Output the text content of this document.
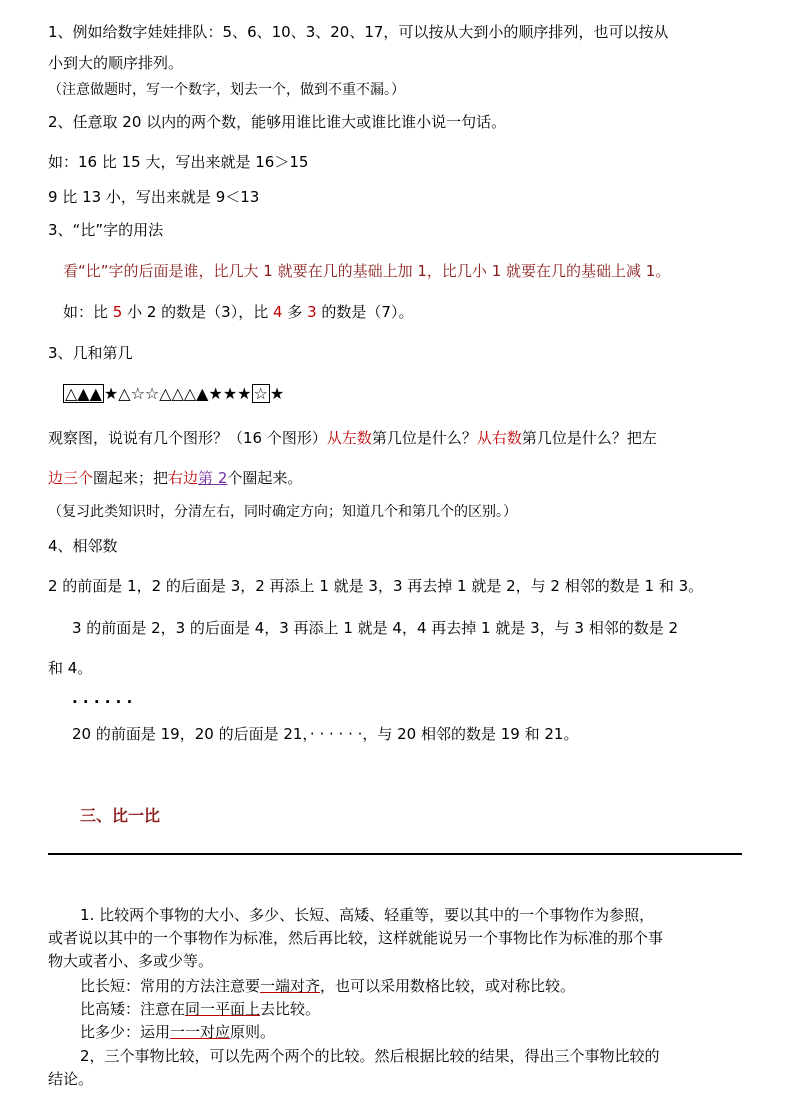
1、例如给数字娃娃排队：5、6、10、3、20、17，可以按从大到小的顺序排列，也可以按从
小到大的顺序排列。
（注意做题时，写一个数字，划去一个，做到不重不漏。）
2、任意取 20 以内的两个数，能够用谁比谁大或谁比谁小说一句话。
如：16 比 15 大，写出来就是 16＞15
9 比 13 小，写出来就是 9＜13
3、“比”字的用法
看“比”字的后面是谁，比几大 1 就要在几的基础上加 1，比几小 1 就要在几的基础上减 1。
如：比 5 小 2 的数是（3），比 4 多 3 的数是（7）。
3、几和第几
△▲▲ ★△☆☆△△△▲★★★ ☆ ★
观察图，说说有几个图形？（16 个图形）从左数第几位是什么？从右数第几位是什么？把左
边三个圈起来；把右边第 2个圈起来。
（复习此类知识时，分清左右，同时确定方向；知道几个和第几个的区别。）
4、相邻数
2 的前面是 1，2 的后面是 3，2 再添上 1 就是 3，3 再去掉 1 就是 2，与 2 相邻的数是 1 和 3。
3 的前面是 2，3 的后面是 4，3 再添上 1 就是 4，4 再去掉 1 就是 3，与 3 相邻的数是 2
和 4。
· · · · · ·
20 的前面是 19，20 的后面是 21，· · · · · ·，与 20 相邻的数是 19 和 21。
三、比一比
1. 比较两个事物的大小、多少、长短、高矮、轻重等，要以其中的一个事物作为参照，
或者说以其中的一个事物作为标准，然后再比较，这样就能说另一个事物比作为标准的那个事
物大或者小、多或少等。
比长短：常用的方法注意要一端对齐，也可以采用数格比较，或对称比较。
比高矮：注意在同一平面上去比较。
比多少：运用一一对应原则。
2，三个事物比较，可以先两个两个的比较。然后根据比较的结果，得出三个事物比较的
结论。
